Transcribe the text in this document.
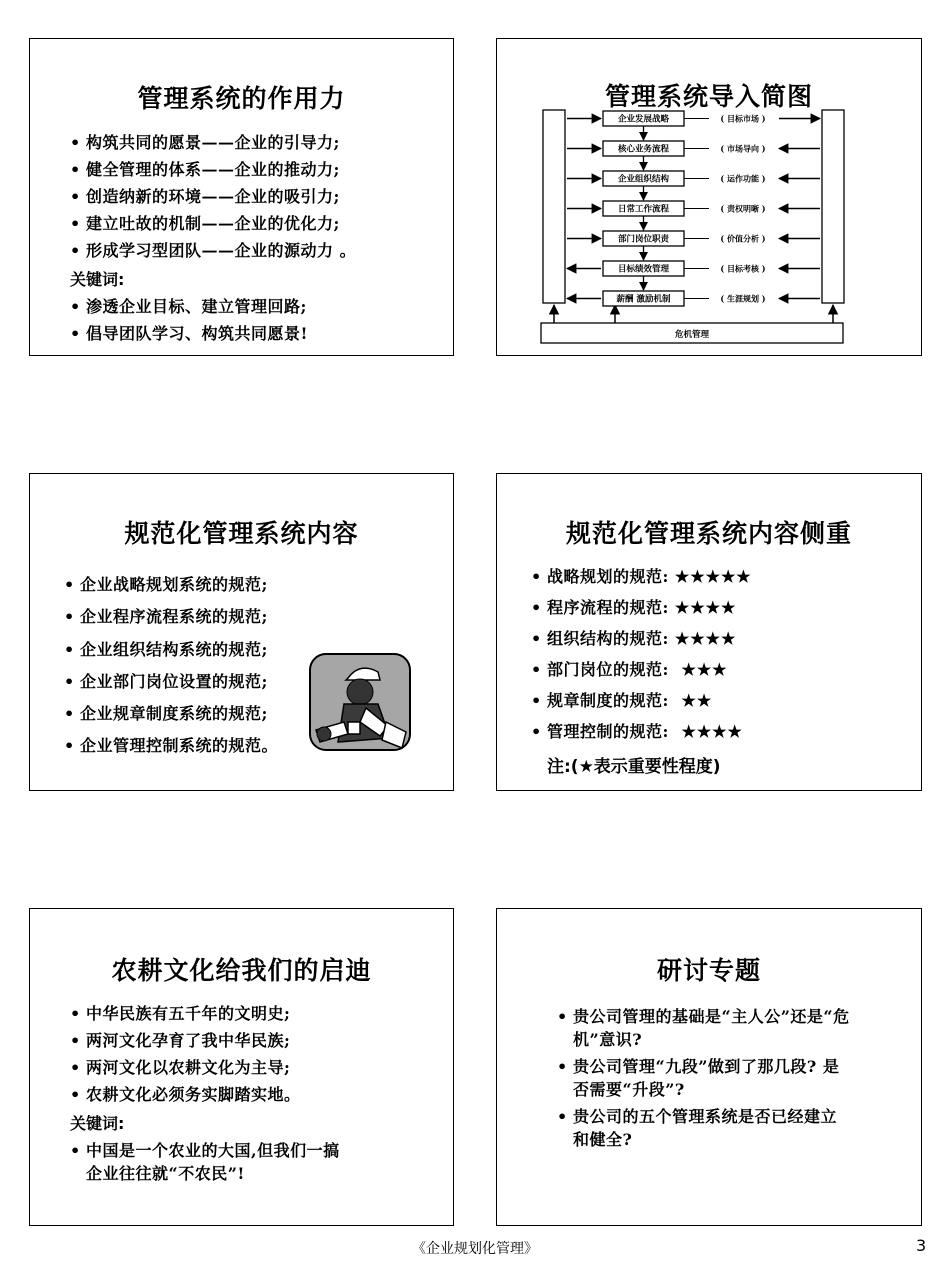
管理系统的作用力
• 构筑共同的愿景——企业的引导力;
• 健全管理的体系——企业的推动力;
• 创造纳新的环境——企业的吸引力;
• 建立吐故的机制——企业的优化力;
• 形成学习型团队——企业的源动力 。
关键词:
• 渗透企业目标、建立管理回路;
• 倡导团队学习、构筑共同愿景!
管理系统导入简图
危机管理
企业发展战略	( 目标市场 )
核心业务流程	( 市场导向 )
企业组织结构	( 运作功能 )
日常工作流程	( 责权明晰 )
部门岗位职责	( 价值分析 )
目标绩效管理	( 目标考核 )
薪酬 激励机制	( 生涯规划 )
规范化管理系统内容
• 企业战略规划系统的规范;
• 企业程序流程系统的规范;
• 企业组织结构系统的规范;
• 企业部门岗位设置的规范;
• 企业规章制度系统的规范;
• 企业管理控制系统的规范。
规范化管理系统内容侧重
• 战略规划的规范: ★★★★★
• 程序流程的规范: ★★★★
• 组织结构的规范: ★★★★
• 部门岗位的规范: ★★★
• 规章制度的规范: ★★
• 管理控制的规范: ★★★★
注:(★表示重要性程度)
农耕文化给我们的启迪
• 中华民族有五千年的文明史;
• 两河文化孕育了我中华民族;
• 两河文化以农耕文化为主导;
• 农耕文化必须务实脚踏实地。
关键词:
• 中国是一个农业的大国,但我们一搞
企业往往就“不农民”!
研讨专题
• 贵公司管理的基础是“主人公”还是“危
机”意识?
• 贵公司管理“九段”做到了那几段? 是
否需要“升段”?
• 贵公司的五个管理系统是否已经建立
和健全?
《企业规划化管理》	3
